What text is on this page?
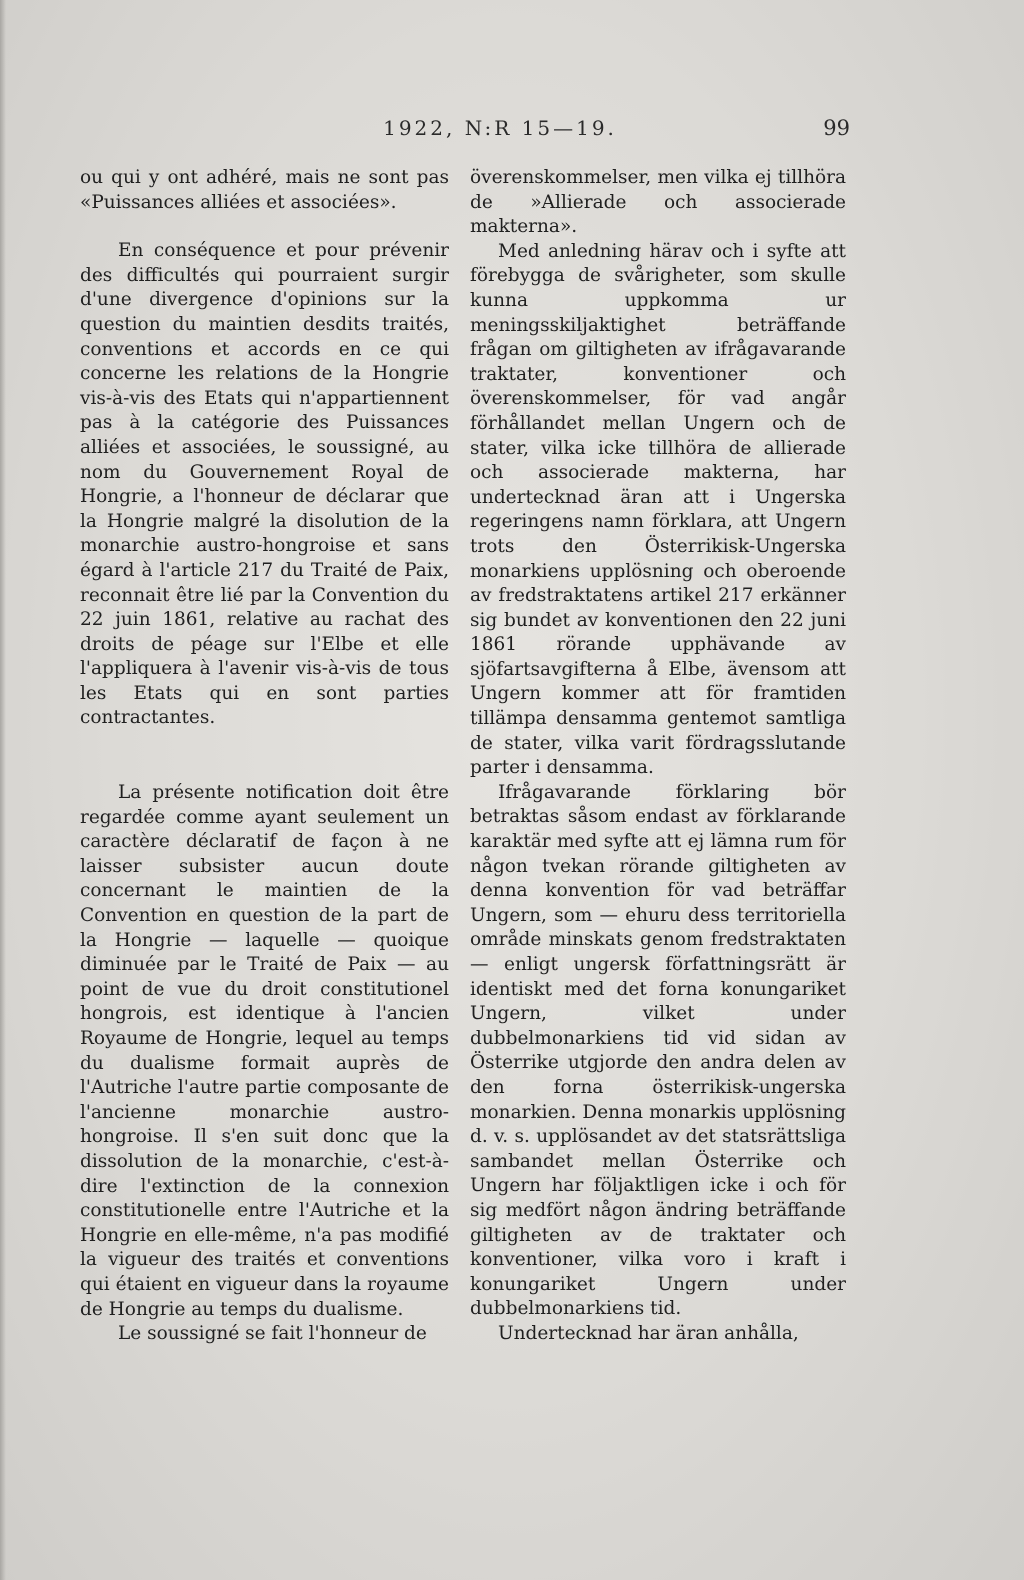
1922, N:R 15—19.	99

ou qui y ont adhéré, mais ne sont pas «Puissances alliées et associées».

En conséquence et pour prévenir des difficultés qui pourraient surgir d'une divergence d'opinions sur la question du maintien desdits traités, conventions et accords en ce qui concerne les relations de la Hongrie vis-à-vis des Etats qui n'appartiennent pas à la catégorie des Puissances alliées et associées, le soussigné, au nom du Gouvernement Royal de Hongrie, a l'honneur de déclarar que la Hongrie malgré la disolution de la monarchie austro-hongroise et sans égard à l'article 217 du Traité de Paix, reconnait être lié par la Convention du 22 juin 1861, relative au rachat des droits de péage sur l'Elbe et elle l'appliquera à l'avenir vis-à-vis de tous les Etats qui en sont parties contractantes.

La présente notification doit être regardée comme ayant seulement un caractère déclaratif de façon à ne laisser subsister aucun doute concernant le maintien de la Convention en question de la part de la Hongrie — laquelle — quoique diminuée par le Traité de Paix — au point de vue du droit constitutionel hongrois, est identique à l'ancien Royaume de Hongrie, lequel au temps du dualisme formait auprès de l'Autriche l'autre partie composante de l'ancienne monarchie austro-hongroise. Il s'en suit donc que la dissolution de la monarchie, c'est-à-dire l'extinction de la connexion constitutionelle entre l'Autriche et la Hongrie en elle-même, n'a pas modifié la vigueur des traités et conventions qui étaient en vigueur dans la royaume de Hongrie au temps du dualisme.

Le soussigné se fait l'honneur de

överenskommelser, men vilka ej tillhöra de »Allierade och associerade makterna».

Med anledning härav och i syfte att förebygga de svårigheter, som skulle kunna uppkomma ur meningsskiljaktighet beträffande frågan om giltigheten av ifrågavarande traktater, konventioner och överenskommelser, för vad angår förhållandet mellan Ungern och de stater, vilka icke tillhöra de allierade och associerade makterna, har undertecknad äran att i Ungerska regeringens namn förklara, att Ungern trots den Österrikisk-Ungerska monarkiens upplösning och oberoende av fredstraktatens artikel 217 erkänner sig bundet av konventionen den 22 juni 1861 rörande upphävande av sjöfartsavgifterna å Elbe, ävensom att Ungern kommer att för framtiden tillämpa densamma gentemot samtliga de stater, vilka varit fördragsslutande parter i densamma.

Ifrågavarande förklaring bör betraktas såsom endast av förklarande karaktär med syfte att ej lämna rum för någon tvekan rörande giltigheten av denna konvention för vad beträffar Ungern, som — ehuru dess territoriella område minskats genom fredstraktaten — enligt ungersk författningsrätt är identiskt med det forna konungariket Ungern, vilket under dubbelmonarkiens tid vid sidan av Österrike utgjorde den andra delen av den forna österrikisk-ungerska monarkien. Denna monarkis upplösning d. v. s. upplösandet av det statsrättsliga sambandet mellan Österrike och Ungern har följaktligen icke i och för sig medfört någon ändring beträffande giltigheten av de traktater och konventioner, vilka voro i kraft i konungariket Ungern under dubbelmonarkiens tid.

Undertecknad har äran anhålla,
